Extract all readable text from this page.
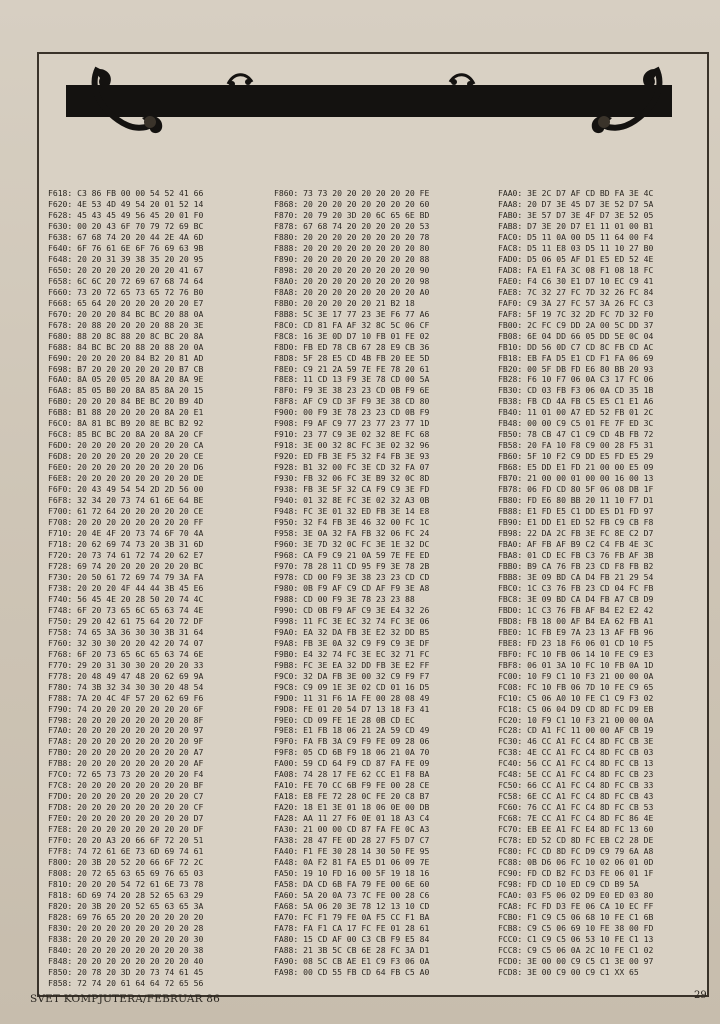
F618: C3 86 FB 00 00 54 52 41 66
F620: 4E 53 4D 49 54 20 01 52 14
F628: 45 43 45 49 56 45 20 01 F0
F630: 00 20 43 6F 70 79 72 69 BC
F638: 67 68 74 20 20 44 2E 4A 6D
F640: 6F 76 61 6E 6F 76 69 63 9B
F648: 20 20 31 39 38 35 20 20 95
F650: 20 20 20 20 20 20 20 41 67
F658: 6C 6C 20 72 69 67 68 74 64
F660: 73 20 72 65 73 65 72 76 B0
F668: 65 64 20 20 20 20 20 20 E7
F670: 20 20 20 84 BC BC 20 88 0A
F678: 20 88 20 20 20 20 88 20 3E
F680: 88 20 8C 88 20 8C BC 20 8A
F688: 84 BC BC 20 88 20 88 20 0A
F690: 20 20 20 20 84 B2 20 81 AD
F698: B7 20 20 20 20 20 20 B7 CB
F6A0: 8A 05 20 05 20 8A 20 8A 9E
F6A8: 85 05 B0 20 8A 85 8A 20 15
F6B0: 20 20 20 84 BE BC 20 B9 4D
F6B8: B1 88 20 20 20 20 8A 20 E1
F6C0: 8A 81 BC B9 20 8E BC B2 92
F6C8: 85 BC BC 20 8A 20 8A 20 CF
F6D0: 20 20 20 20 20 20 20 20 CA
F6D8: 20 20 20 20 20 20 20 20 CE
F6E0: 20 20 20 20 20 20 20 20 D6
F6E8: 20 20 20 20 20 20 20 20 DE
F6F0: 20 43 49 54 54 2D 2D 56 00
F6F8: 32 34 20 73 74 61 6E 64 BE
F700: 61 72 64 20 20 20 20 20 CE
F708: 20 20 20 20 20 20 20 20 FF
F710: 20 4E 4F 20 73 74 6F 70 4A
F718: 20 62 69 74 73 20 3B 31 6D
F720: 20 73 74 61 72 74 20 62 E7
F728: 69 74 20 20 20 20 20 20 BC
F730: 20 50 61 72 69 74 79 3A FA
F738: 20 20 20 4F 44 44 3B 45 E6
F740: 56 45 4E 20 28 50 20 74 4C
F748: 6F 20 73 65 6C 65 63 74 4E
F750: 29 20 42 61 75 64 20 72 DF
F758: 74 65 3A 36 30 30 3B 31 64
F760: 32 30 30 20 20 42 20 74 07
F768: 6F 20 73 65 6C 65 63 74 6E
F770: 29 20 31 30 30 20 20 20 33
F778: 20 48 49 47 48 20 62 69 9A
F780: 74 3B 32 34 30 30 20 48 54
F788: 7A 20 4C 4F 57 20 62 69 F6
F790: 74 20 20 20 20 20 20 20 6F
F798: 20 20 20 20 20 20 20 20 8F
F7A0: 20 20 20 20 20 20 20 20 97
F7A8: 20 20 20 20 20 20 20 20 9F
F7B0: 20 20 20 20 20 20 20 20 A7
F7B8: 20 20 20 20 20 20 20 20 AF
F7C0: 72 65 73 73 20 20 20 20 F4
F7C8: 20 20 20 20 20 20 20 20 BF
F7D0: 20 20 20 20 20 20 20 20 C7
F7D8: 20 20 20 20 20 20 20 20 CF
F7E0: 20 20 20 20 20 20 20 20 D7
F7E8: 20 20 20 20 20 20 20 20 DF
F7F0: 20 20 A3 20 66 6F 72 20 51
F7F8: 74 72 61 6E 73 6D 69 74 61
F800: 20 3B 20 52 20 66 6F 72 2C
F808: 20 72 65 63 65 69 76 65 03
F810: 20 20 20 54 72 61 6E 73 78
F818: 6D 69 74 20 28 52 65 63 29
F820: 20 3B 20 20 52 65 63 65 3A
F828: 69 76 65 20 20 20 20 20 20
F830: 20 20 20 20 20 20 20 20 28
F838: 20 20 20 20 20 20 20 20 30
F840: 20 20 20 20 20 20 20 20 38
F848: 20 20 20 20 20 20 20 20 40
F850: 20 78 20 3D 20 73 74 61 45
F858: 72 74 20 61 64 64 72 65 56
F860: 73 73 20 20 20 20 20 20 FE
F868: 20 20 20 20 20 20 20 20 60
F870: 20 79 20 3D 20 6C 65 6E BD
F878: 67 68 74 20 20 20 20 20 53
F880: 20 20 20 20 20 20 20 20 78
F888: 20 20 20 20 20 20 20 20 80
F890: 20 20 20 20 20 20 20 20 88
F898: 20 20 20 20 20 20 20 20 90
F8A0: 20 20 20 20 20 20 20 20 98
F8A8: 20 20 20 20 20 20 20 20 A0
F8B0: 20 20 20 20 20 21 B2 18
F8B8: 5C 3E 17 77 23 3E F6 77 A6
F8C0: CD 81 FA AF 32 8C 5C 06 CF
F8C8: 16 3E 0D D7 10 FB 01 FE 02
F8D0: FB ED 78 CB 67 28 E9 CB 36
F8D8: 5F 28 E5 CD 4B FB 20 EE 5D
F8E0: C9 21 2A 59 7E FE 78 20 61
F8E8: 11 CD 13 F9 3E 78 CD 00 5A
F8F0: F9 3E 38 23 23 CD 0B F9 6E
F8F8: AF C9 CD 3F F9 3E 38 CD 80
F900: 00 F9 3E 78 23 23 CD 0B F9
F908: F9 AF C9 77 23 77 23 77 1D
F910: 23 77 C9 3E 02 32 8E FC 68
F918: 3E 00 32 8C FC 3E 02 32 96
F920: ED FB 3E F5 32 F4 FB 3E 93
F928: B1 32 00 FC 3E CD 32 FA 07
F930: FB 32 06 FC 3E B9 32 0C 8D
F938: FB 3E 5F 32 CA F9 C9 3E FD
F940: 01 32 8E FC 3E 02 32 A3 0B
F948: FC 3E 01 32 ED FB 3E 14 E8
F950: 32 F4 FB 3E 46 32 00 FC 1C
F958: 3E 0A 32 FA FB 32 06 FC 24
F960: 3E 7D 32 0C FC 3E 1E 32 DC
F968: CA F9 C9 21 0A 59 7E FE ED
F970: 78 28 11 CD 95 F9 3E 78 2B
F978: CD 00 F9 3E 38 23 23 CD CD
F980: 0B F9 AF C9 CD AF F9 3E A8
F988: CD 00 F9 3E 78 23 23 88
F990: CD 0B F9 AF C9 3E E4 32 26
F998: 11 FC 3E EC 32 74 FC 3E 06
F9A0: EA 32 DA FB 3E E2 32 DD B5
F9A8: FB 3E 0A 32 C9 F9 C9 3E DF
F9B0: E4 32 74 FC 3E EC 32 71 FC
F9B8: FC 3E EA 32 DD FB 3E E2 FF
F9C0: 32 DA FB 3E 00 32 C9 F9 F7
F9C8: C9 09 1E 3E 02 CD 01 16 D5
F9D0: 11 31 F6 1A FE 00 28 08 49
F9D8: FE 01 20 54 D7 13 18 F3 41
F9E0: CD 09 FE 1E 28 0B CD EC
F9E8: E1 FB 18 06 21 2A 59 CD 49
F9F0: FA FB 3A C9 F9 FE 09 28 06
F9F8: 05 CD 6B F9 18 06 21 0A 70
FA00: 59 CD 64 F9 CD 87 FA FE 09
FA08: 74 28 17 FE 62 CC E1 F8 BA
FA10: FE 70 CC 6B F9 FE 00 28 CE
FA18: E8 FE 72 28 0C FE 20 C8 B7
FA20: 18 E1 3E 01 18 06 0E 00 DB
FA28: AA 11 27 F6 0E 01 18 A3 C4
FA30: 21 00 00 CD 87 FA FE 0C A3
FA38: 28 47 FE 0D 28 27 F5 D7 C7
FA40: F1 FE 30 28 14 30 50 FE 95
FA48: 0A F2 81 FA E5 D1 06 09 7E
FA50: 19 10 FD 16 00 5F 19 18 16
FA58: DA CD 6B FA 79 FE 00 6E 60
FA60: 5A 20 0A 73 7C FE 00 28 C6
FA68: 5A 06 20 3E 78 12 13 10 CD
FA70: FC F1 79 FE 0A F5 CC F1 BA
FA78: FA F1 CA 17 FC FE 01 28 61
FA80: 15 CD AF 00 C3 CB F9 E5 84
FA88: 21 3B 5C CB 6E 28 FC 3A D1
FA90: 08 5C CB AE E1 C9 F3 06 0A
FA98: 00 CD 55 FB CD 64 FB C5 A0
FAA0: 3E 2C D7 AF CD BD FA 3E 4C
FAA8: 20 D7 3E 45 D7 3E 52 D7 5A
FAB0: 3E 57 D7 3E 4F D7 3E 52 05
FAB8: D7 3E 20 D7 E1 11 01 00 B1
FAC0: D5 11 0A 00 D5 11 64 00 F4
FAC8: D5 11 E8 03 D5 11 10 27 B0
FAD0: D5 06 05 AF D1 E5 ED 52 4E
FAD8: FA E1 FA 3C 08 F1 08 18 FC
FAE0: F4 C6 30 E1 D7 10 EC C9 41
FAE8: 7C 32 27 FC 7D 32 26 FC 84
FAF0: C9 3A 27 FC 57 3A 26 FC C3
FAF8: 5F 19 7C 32 2D FC 7D 32 F0
FB00: 2C FC C9 DD 2A 00 5C DD 37
FB08: 6E 04 DD 66 05 DD 5E 0C 04
FB10: DD 56 0D C7 CD 8C FB CD AC
FB18: EB FA D5 E1 CD F1 FA 06 69
FB20: 00 5F DB FD E6 80 BB 20 93
FB28: F6 10 F7 06 0A C3 17 FC 06
FB30: CD 03 FB F3 06 0A CD 35 1B
FB38: FB CD 4A FB C5 E5 C1 E1 A6
FB40: 11 01 00 A7 ED 52 FB 01 2C
FB48: 00 00 C9 C5 01 FE 7F ED 3C
FB50: 78 CB 47 C1 C9 CD 4B FB 72
FB58: 20 FA 10 F8 C9 00 28 F5 31
FB60: 5F 10 F2 C9 DD E5 FD E5 29
FB68: E5 DD E1 FD 21 00 00 E5 09
FB70: 21 00 00 01 00 00 16 00 13
FB78: 06 FD CD 80 5F 06 08 DB 1F
FB80: FD E6 80 BB 20 11 10 F7 D1
FB88: E1 FD E5 C1 DD E5 D1 FD 97
FB90: E1 DD E1 ED 52 FB C9 CB F8
FB98: 22 DA 2C FB 3E FC 8E C2 D7
FBA0: AF FB AF B9 C2 C4 FB 4E 3C
FBA8: 01 CD EC FB C3 76 FB AF 3B
FBB0: B9 CA 76 FB 23 CD F8 FB B2
FBB8: 3E 09 BD CA D4 FB 21 29 54
FBC0: 1C C3 76 FB 23 CD 04 FC FB
FBC8: 3E 09 BD CA D4 FB A7 CB D9
FBD0: 1C C3 76 FB AF B4 E2 E2 42
FBD8: FB 18 00 AF B4 EA 62 FB A1
FBE0: 1C FB E9 7A 23 13 AF FB 96
FBE8: FD 23 18 F6 06 01 CD 10 F5
FBF0: FC 10 FB 06 14 10 FE C9 E3
FBF8: 06 01 3A 10 FC 10 FB 0A 1D
FC00: 10 F9 C1 10 F3 21 00 00 0A
FC08: FC 10 FB 06 7D 10 FE C9 65
FC10: C5 06 A0 10 FE C1 C9 F3 02
FC18: C5 06 04 D9 CD 8D FC D9 EB
FC20: 10 F9 C1 10 F3 21 00 00 0A
FC28: CD A1 FC 11 00 00 AF CB 19
FC30: 46 CC A1 FC C4 8D FC CB 3E
FC38: 4E CC A1 FC C4 8D FC CB 03
FC40: 56 CC A1 FC C4 8D FC CB 13
FC48: 5E CC A1 FC C4 8D FC CB 23
FC50: 66 CC A1 FC C4 8D FC CB 33
FC58: 6E CC A1 FC C4 8D FC CB 43
FC60: 76 CC A1 FC C4 8D FC CB 53
FC68: 7E CC A1 FC C4 8D FC 86 4E
FC70: EB EE A1 FC E4 8D FC 13 60
FC78: ED 52 CD 8D FC EB C2 28 DE
FC80: FC CD 8D FC D9 C9 79 6A A8
FC88: 0B D6 06 FC 10 02 06 01 0D
FC90: FD CD B2 FC D3 FE 06 01 1F
FC98: FD CD 10 ED C9 CD B9 5A
FCA0: 03 F5 06 02 D9 E0 ED 03 80
FCA8: FC FD D3 FE 06 CA 10 EC FF
FCB0: F1 C9 C5 06 68 10 FE C1 6B
FCB8: C9 C5 06 69 10 FE 38 00 FD
FCC0: C1 C9 C5 06 53 10 FE C1 13
FCC8: C9 C5 06 0A 2C 10 FE C1 02
FCD0: 3E 00 00 C9 C5 C1 3E 00 97
FCD8: 3E 00 C9 00 C9 C1 XX 65
SVET KOMPJUTERA/FEBRUAR 86	29
